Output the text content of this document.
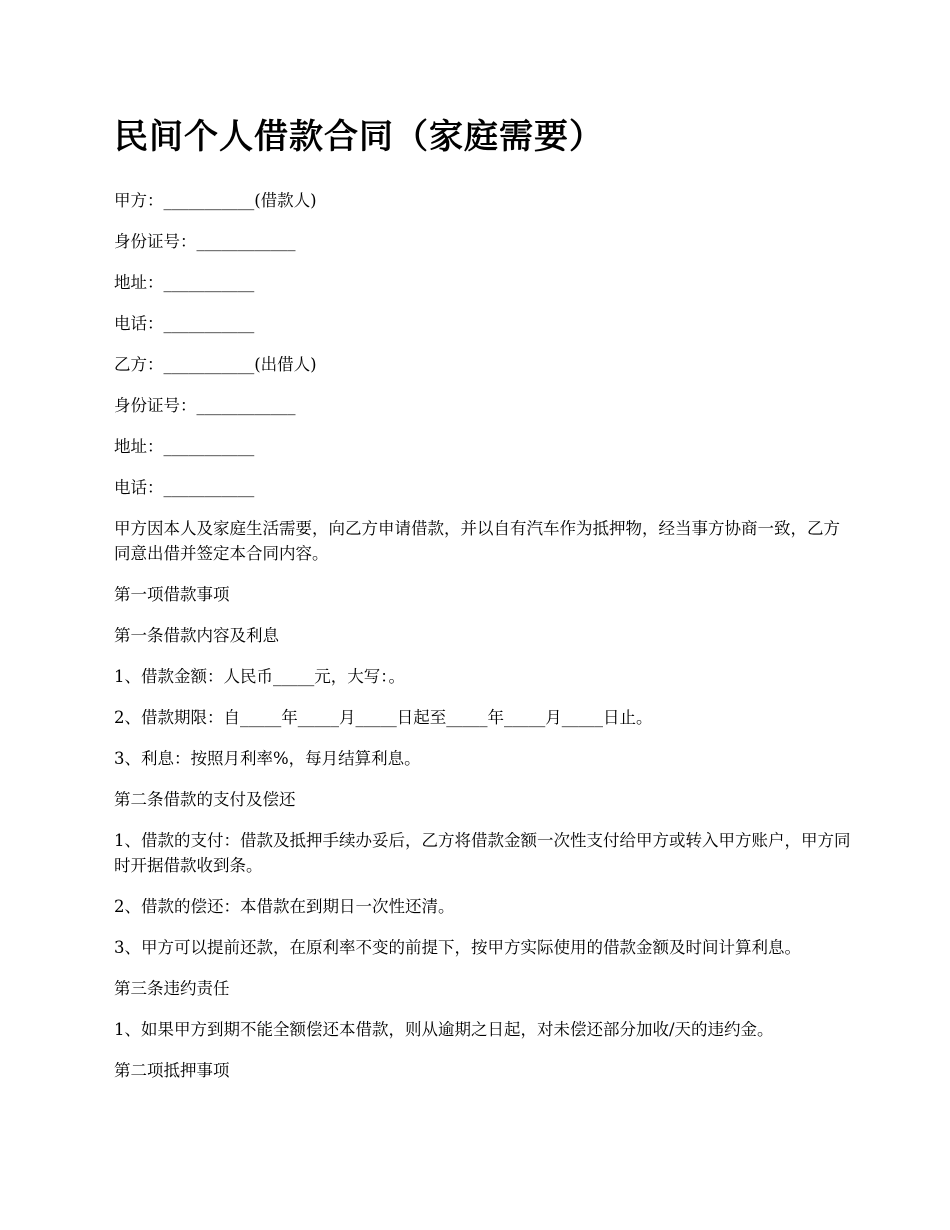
民间个人借款合同（家庭需要）

甲方：___________(借款人)

身份证号：____________

地址：___________

电话：___________

乙方：___________(出借人)

身份证号：____________

地址：___________

电话：___________

甲方因本人及家庭生活需要，向乙方申请借款，并以自有汽车作为抵押物，经当事方协商一致，乙方同意出借并签定本合同内容。

第一项借款事项

第一条借款内容及利息

1、借款金额：人民币_____元，大写：。

2、借款期限：自_____年_____月_____日起至_____年_____月_____日止。

3、利息：按照月利率%，每月结算利息。

第二条借款的支付及偿还

1、借款的支付：借款及抵押手续办妥后，乙方将借款金额一次性支付给甲方或转入甲方账户，甲方同时开据借款收到条。

2、借款的偿还：本借款在到期日一次性还清。

3、甲方可以提前还款，在原利率不变的前提下，按甲方实际使用的借款金额及时间计算利息。

第三条违约责任

1、如果甲方到期不能全额偿还本借款，则从逾期之日起，对未偿还部分加收/天的违约金。

第二项抵押事项
